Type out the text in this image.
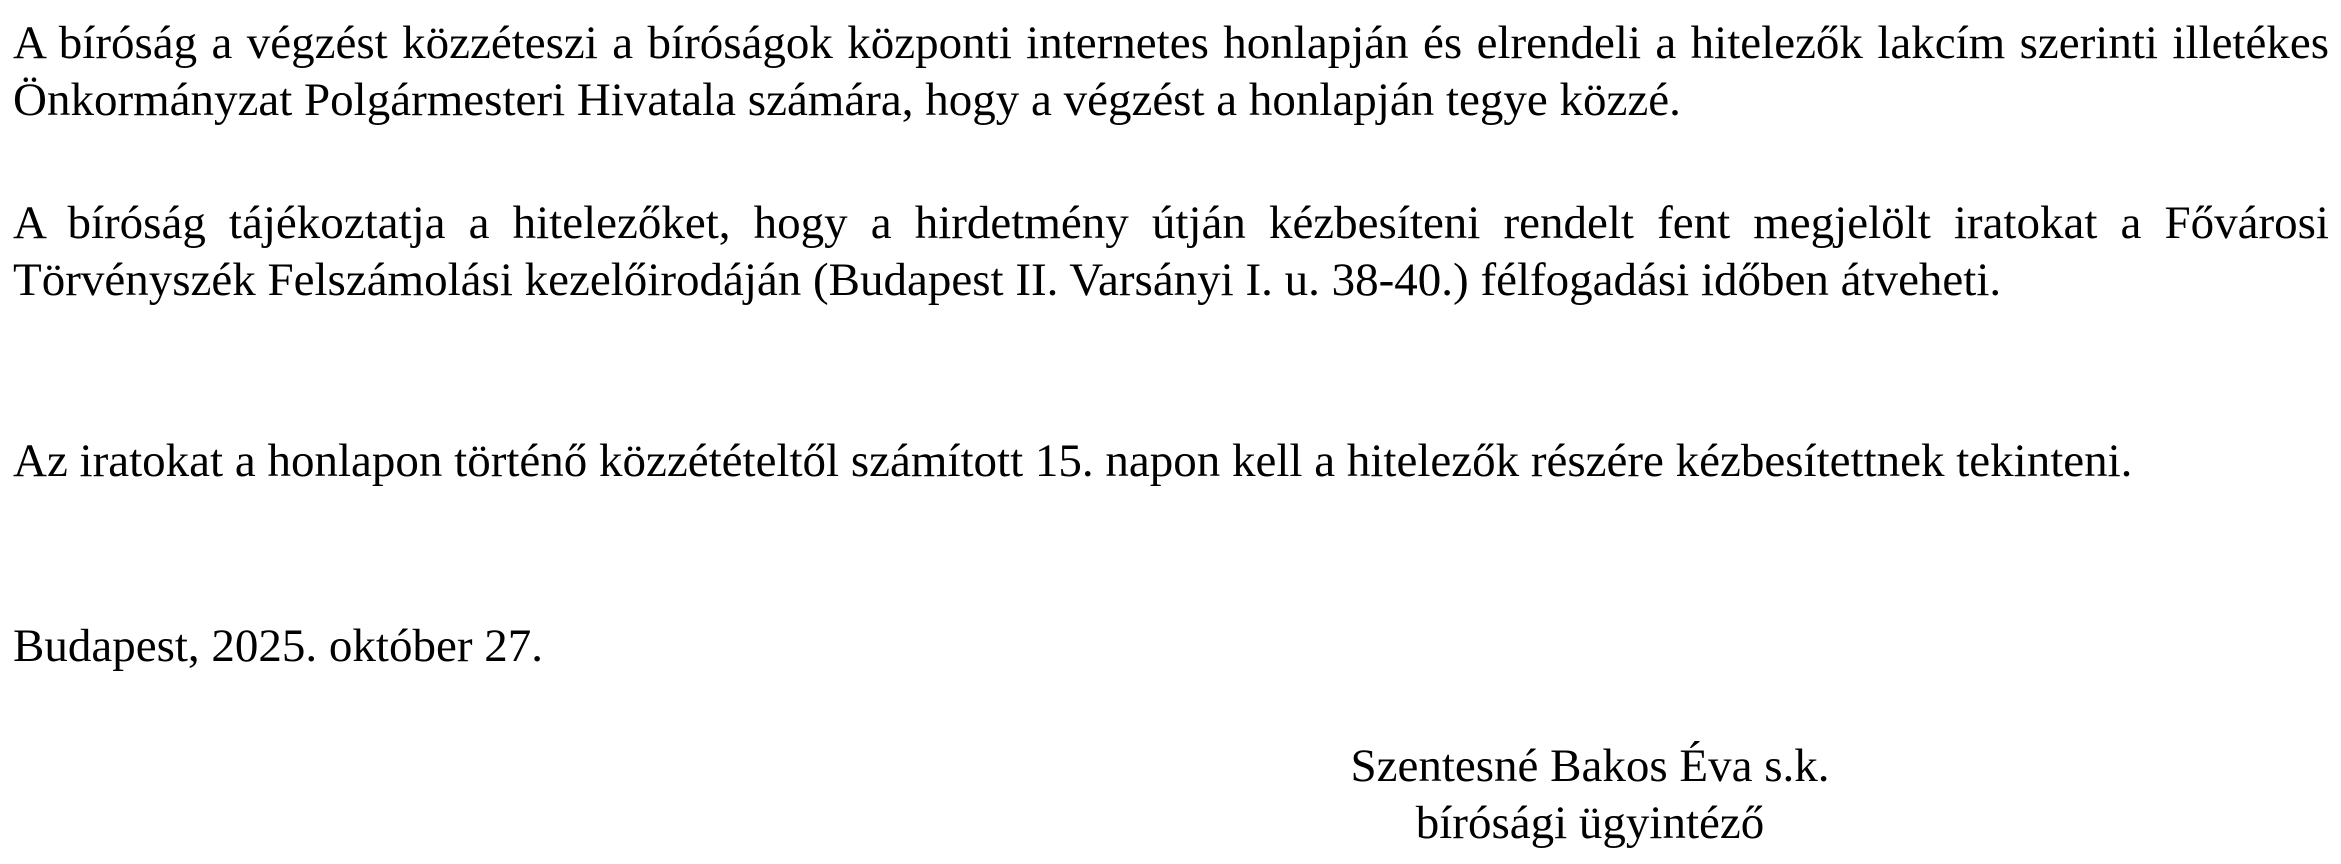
A bíróság a végzést közzéteszi a bíróságok központi internetes honlapján és elrendeli a hitelezők lakcím szerinti illetékes Önkormányzat Polgármesteri Hivatala számára, hogy a végzést a honlapján tegye közzé.

A bíróság tájékoztatja a hitelezőket, hogy a hirdetmény útján kézbesíteni rendelt fent megjelölt iratokat a Fővárosi Törvényszék Felszámolási kezelőirodáján (Budapest II. Varsányi I. u. 38-40.) félfogadási időben átveheti.

Az iratokat a honlapon történő közzétételtől számított 15. napon kell a hitelezők részére kézbesítettnek tekinteni.

Budapest, 2025. október 27.

Szentesné Bakos Éva s.k.
bírósági ügyintéző
